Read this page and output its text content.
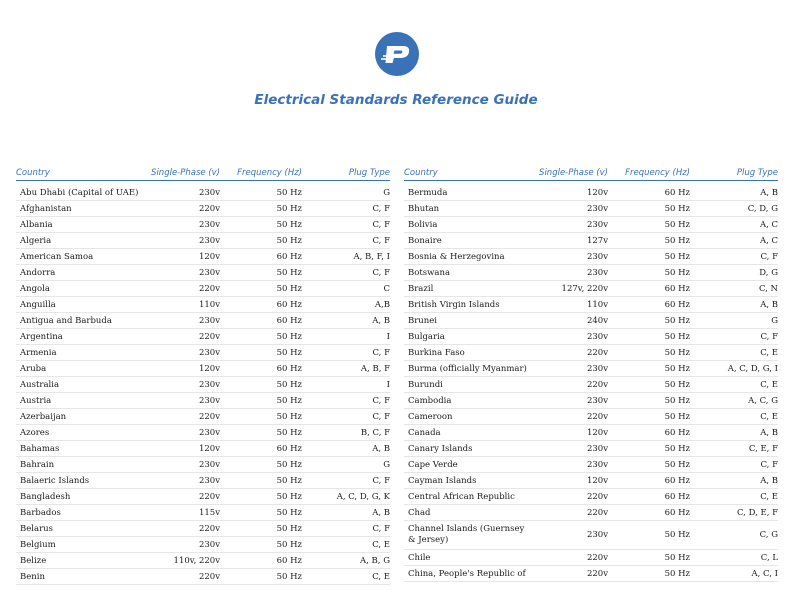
Electrical Standards Reference Guide
Country	Single-Phase (v)	Frequency (Hz)	Plug Type
Abu Dhabi (Capital of UAE)	230v	50 Hz	G
Afghanistan	220v	50 Hz	C, F
Albania	230v	50 Hz	C, F
Algeria	230v	50 Hz	C, F
American Samoa	120v	60 Hz	A, B, F, I
Andorra	230v	50 Hz	C, F
Angola	220v	50 Hz	C
Anguilla	110v	60 Hz	A,B
Antigua and Barbuda	230v	60 Hz	A, B
Argentina	220v	50 Hz	I
Armenia	230v	50 Hz	C, F
Aruba	120v	60 Hz	A, B, F
Australia	230v	50 Hz	I
Austria	230v	50 Hz	C, F
Azerbaijan	220v	50 Hz	C, F
Azores	230v	50 Hz	B, C, F
Bahamas	120v	60 Hz	A, B
Bahrain	230v	50 Hz	G
Balaeric Islands	230v	50 Hz	C, F
Bangladesh	220v	50 Hz	A, C, D, G, K
Barbados	115v	50 Hz	A, B
Belarus	220v	50 Hz	C, F
Belgium	230v	50 Hz	C, E
Belize	110v, 220v	60 Hz	A, B, G
Benin	220v	50 Hz	C, E
Country	Single-Phase (v)	Frequency (Hz)	Plug Type
Bermuda	120v	60 Hz	A, B
Bhutan	230v	50 Hz	C, D, G
Bolivia	230v	50 Hz	A, C
Bonaire	127v	50 Hz	A, C
Bosnia & Herzegovina	230v	50 Hz	C, F
Botswana	230v	50 Hz	D, G
Brazil	127v, 220v	60 Hz	C, N
British Virgin Islands	110v	60 Hz	A, B
Brunei	240v	50 Hz	G
Bulgaria	230v	50 Hz	C, F
Burkina Faso	220v	50 Hz	C, E
Burma (officially Myanmar)	230v	50 Hz	A, C, D, G, I
Burundi	220v	50 Hz	C, E
Cambodia	230v	50 Hz	A, C, G
Cameroon	220v	50 Hz	C, E
Canada	120v	60 Hz	A, B
Canary Islands	230v	50 Hz	C, E, F
Cape Verde	230v	50 Hz	C, F
Cayman Islands	120v	60 Hz	A, B
Central African Republic	220v	60 Hz	C, E
Chad	220v	60 Hz	C, D, E, F
Channel Islands (Guernsey & Jersey)	230v	50 Hz	C, G
Chile	220v	50 Hz	C, L
China, People's Republic of	220v	50 Hz	A, C, I
